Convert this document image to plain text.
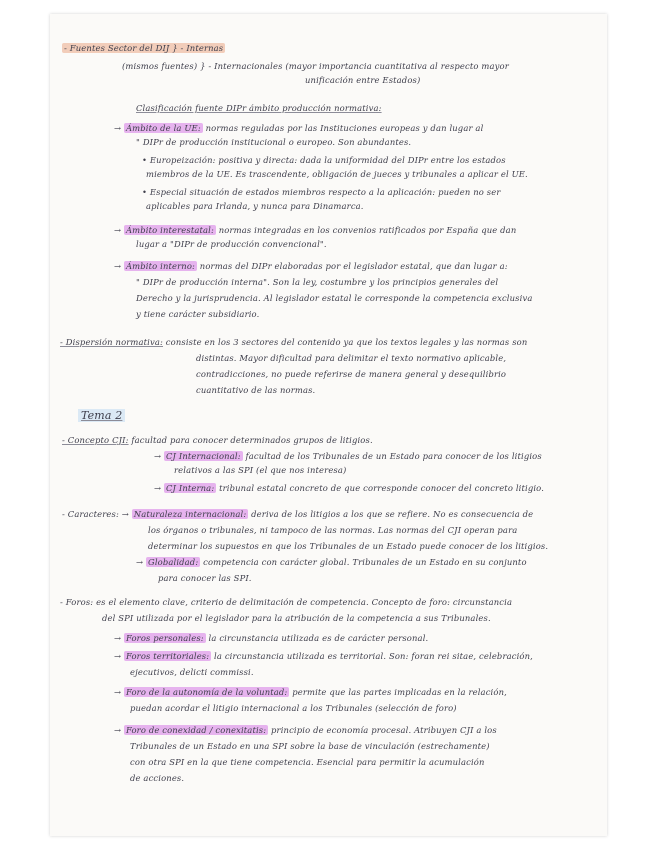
- Fuentes Sector del DIJ } - Internas
(mismos fuentes) } - Internacionales (mayor importancia cuantitativa al respecto mayor
unificación entre Estados)
Clasificación fuente DIPr ámbito producción normativa:
→ Ámbito de la UE: normas reguladas por las Instituciones europeas y dan lugar al
" DIPr de producción institucional o europeo. Son abundantes.
• Europeización: positiva y directa: dada la uniformidad del DIPr entre los estados
miembros de la UE. Es trascendente, obligación de jueces y tribunales a aplicar el UE.
• Especial situación de estados miembros respecto a la aplicación: pueden no ser
aplicables para Irlanda, y nunca para Dinamarca.
→ Ámbito interestatal: normas integradas en los convenios ratificados por España que dan
lugar a "DIPr de producción convencional".
→ Ámbito interno: normas del DIPr elaboradas por el legislador estatal, que dan lugar a:
" DIPr de producción interna". Son la ley, costumbre y los principios generales del
Derecho y la jurisprudencia. Al legislador estatal le corresponde la competencia exclusiva
y tiene carácter subsidiario.
- Dispersión normativa: consiste en los 3 sectores del contenido ya que los textos legales y las normas son
distintas. Mayor dificultad para delimitar el texto normativo aplicable,
contradicciones, no puede referirse de manera general y desequilibrio
cuantitativo de las normas.
Tema 2
- Concepto CJI: facultad para conocer determinados grupos de litigios.
→ CJ Internacional: facultad de los Tribunales de un Estado para conocer de los litigios
relativos a las SPI (el que nos interesa)
→ CJ Interna: tribunal estatal concreto de que corresponde conocer del concreto litigio.
- Caracteres: → Naturaleza internacional: deriva de los litigios a los que se refiere. No es consecuencia de
los órganos o tribunales, ni tampoco de las normas. Las normas del CJI operan para
determinar los supuestos en que los Tribunales de un Estado puede conocer de los litigios.
→ Globalidad: competencia con carácter global. Tribunales de un Estado en su conjunto
para conocer las SPI.
- Foros: es el elemento clave, criterio de delimitación de competencia. Concepto de foro: circunstancia
del SPI utilizada por el legislador para la atribución de la competencia a sus Tribunales.
→ Foros personales: la circunstancia utilizada es de carácter personal.
→ Foros territoriales: la circunstancia utilizada es territorial. Son: foran rei sitae, celebración,
ejecutivos, delicti commissi.
→ Foro de la autonomía de la voluntad: permite que las partes implicadas en la relación,
puedan acordar el litigio internacional a los Tribunales (selección de foro)
→ Foro de conexidad / conexitatis: principio de economía procesal. Atribuyen CJI a los
Tribunales de un Estado en una SPI sobre la base de vinculación (estrechamente)
con otra SPI en la que tiene competencia. Esencial para permitir la acumulación
de acciones.
